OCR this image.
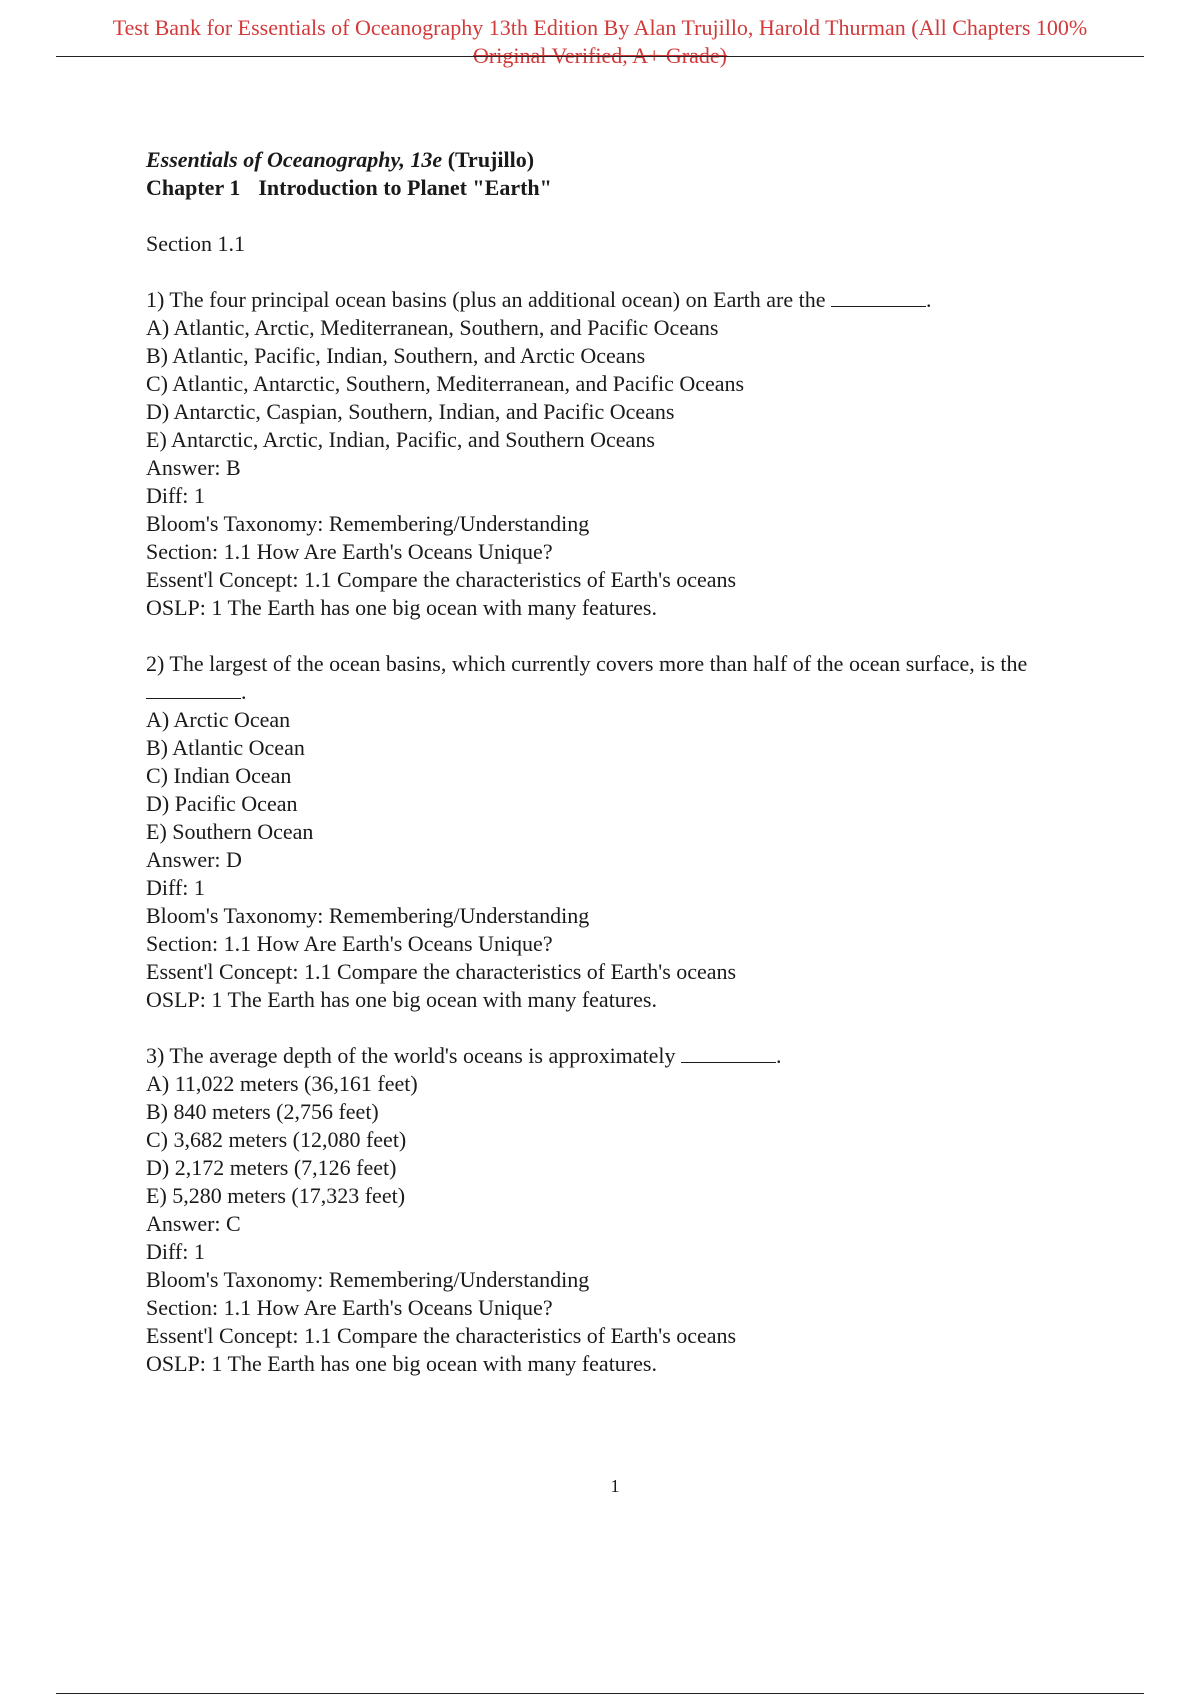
Test Bank for Essentials of Oceanography 13th Edition By Alan Trujillo, Harold Thurman (All Chapters 100%
Original Verified, A+ Grade)
Essentials of Oceanography, 13e (Trujillo)
Chapter 1 Introduction to Planet "Earth"
Section 1.1
1) The four principal ocean basins (plus an additional ocean) on Earth are the	.
A) Atlantic, Arctic, Mediterranean, Southern, and Pacific Oceans
B) Atlantic, Pacific, Indian, Southern, and Arctic Oceans
C) Atlantic, Antarctic, Southern, Mediterranean, and Pacific Oceans
D) Antarctic, Caspian, Southern, Indian, and Pacific Oceans
E) Antarctic, Arctic, Indian, Pacific, and Southern Oceans
Answer: B
Diff: 1
Bloom's Taxonomy: Remembering/Understanding
Section: 1.1 How Are Earth's Oceans Unique?
Essent'l Concept: 1.1 Compare the characteristics of Earth's oceans
OSLP: 1 The Earth has one big ocean with many features.
2) The largest of the ocean basins, which currently covers more than half of the ocean surface, is the .
A) Arctic Ocean
B) Atlantic Ocean
C) Indian Ocean
D) Pacific Ocean
E) Southern Ocean
Answer: D
Diff: 1
Bloom's Taxonomy: Remembering/Understanding
Section: 1.1 How Are Earth's Oceans Unique?
Essent'l Concept: 1.1 Compare the characteristics of Earth's oceans
OSLP: 1 The Earth has one big ocean with many features.
3) The average depth of the world's oceans is approximately	.
A) 11,022 meters (36,161 feet)
B) 840 meters (2,756 feet)
C) 3,682 meters (12,080 feet)
D) 2,172 meters (7,126 feet)
E) 5,280 meters (17,323 feet)
Answer: C
Diff: 1
Bloom's Taxonomy: Remembering/Understanding
Section: 1.1 How Are Earth's Oceans Unique?
Essent'l Concept: 1.1 Compare the characteristics of Earth's oceans
OSLP: 1 The Earth has one big ocean with many features.
1
